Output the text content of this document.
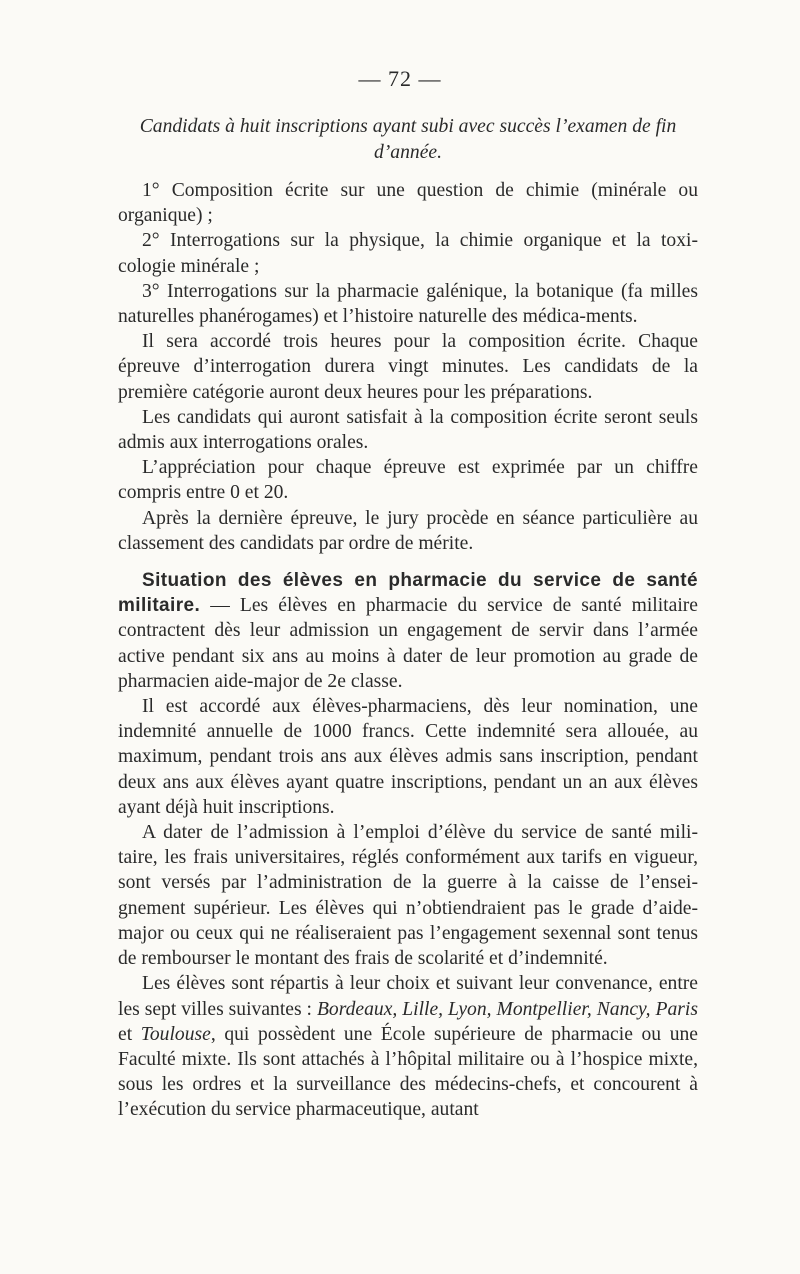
— 72 —

Candidats à huit inscriptions ayant subi avec succès l’examen de fin d’année.

1° Composition écrite sur une question de chimie (minérale ou organique) ;

2° Interrogations sur la physique, la chimie organique et la toxi-cologie minérale ;

3° Interrogations sur la pharmacie galénique, la botanique (fa milles naturelles phanérogames) et l’histoire naturelle des médica-ments.

Il sera accordé trois heures pour la composition écrite. Chaque épreuve d’interrogation durera vingt minutes. Les candidats de la première catégorie auront deux heures pour les préparations.

Les candidats qui auront satisfait à la composition écrite seront seuls admis aux interrogations orales.

L’appréciation pour chaque épreuve est exprimée par un chiffre compris entre 0 et 20.

Après la dernière épreuve, le jury procède en séance particulière au classement des candidats par ordre de mérite.

Situation des élèves en pharmacie du service de santé militaire. — Les élèves en pharmacie du service de santé militaire contractent dès leur admission un engagement de servir dans l’armée active pendant six ans au moins à dater de leur promotion au grade de pharmacien aide-major de 2e classe.

Il est accordé aux élèves-pharmaciens, dès leur nomination, une indemnité annuelle de 1000 francs. Cette indemnité sera allouée, au maximum, pendant trois ans aux élèves admis sans inscription, pendant deux ans aux élèves ayant quatre inscriptions, pendant un an aux élèves ayant déjà huit inscriptions.

A dater de l’admission à l’emploi d’élève du service de santé mili-taire, les frais universitaires, réglés conformément aux tarifs en vigueur, sont versés par l’administration de la guerre à la caisse de l’ensei-gnement supérieur. Les élèves qui n’obtiendraient pas le grade d’aide-major ou ceux qui ne réaliseraient pas l’engagement sexennal sont tenus de rembourser le montant des frais de scolarité et d’indemnité.

Les élèves sont répartis à leur choix et suivant leur convenance, entre les sept villes suivantes : Bordeaux, Lille, Lyon, Montpellier, Nancy, Paris et Toulouse, qui possèdent une École supérieure de pharmacie ou une Faculté mixte. Ils sont attachés à l’hôpital militaire ou à l’hospice mixte, sous les ordres et la surveillance des médecins-chefs, et concourent à l’exécution du service pharmaceutique, autant
